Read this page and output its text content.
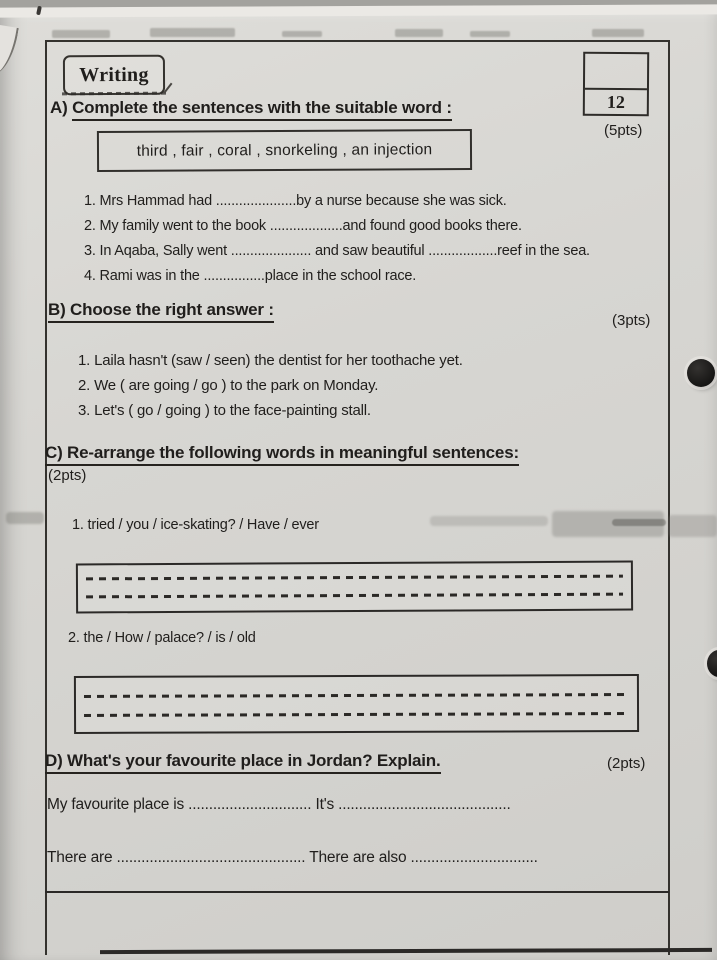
Writing
12
A) Complete the sentences with the suitable word :
(5pts)
third , fair , coral , snorkeling , an injection
1. Mrs Hammad had .....................by a nurse because she was sick.
2. My family went to the book ...................and found good books there.
3. In Aqaba, Sally went ..................... and saw beautiful ..................reef in the sea.
4. Rami was in the ................place in the school race.
B) Choose the right answer :
(3pts)
1. Laila hasn't (saw / seen) the dentist for her toothache yet.
2. We ( are going / go ) to the park on Monday.
3. Let's ( go / going ) to the face-painting stall.
C) Re-arrange the following words in meaningful sentences:
(2pts)
1. tried / you / ice-skating? / Have / ever
2. the / How / palace? / is / old
D) What's your favourite place in Jordan? Explain.	(2pts)
My favourite place is .............................. It's ..........................................
There are .............................................. There are also ...............................
